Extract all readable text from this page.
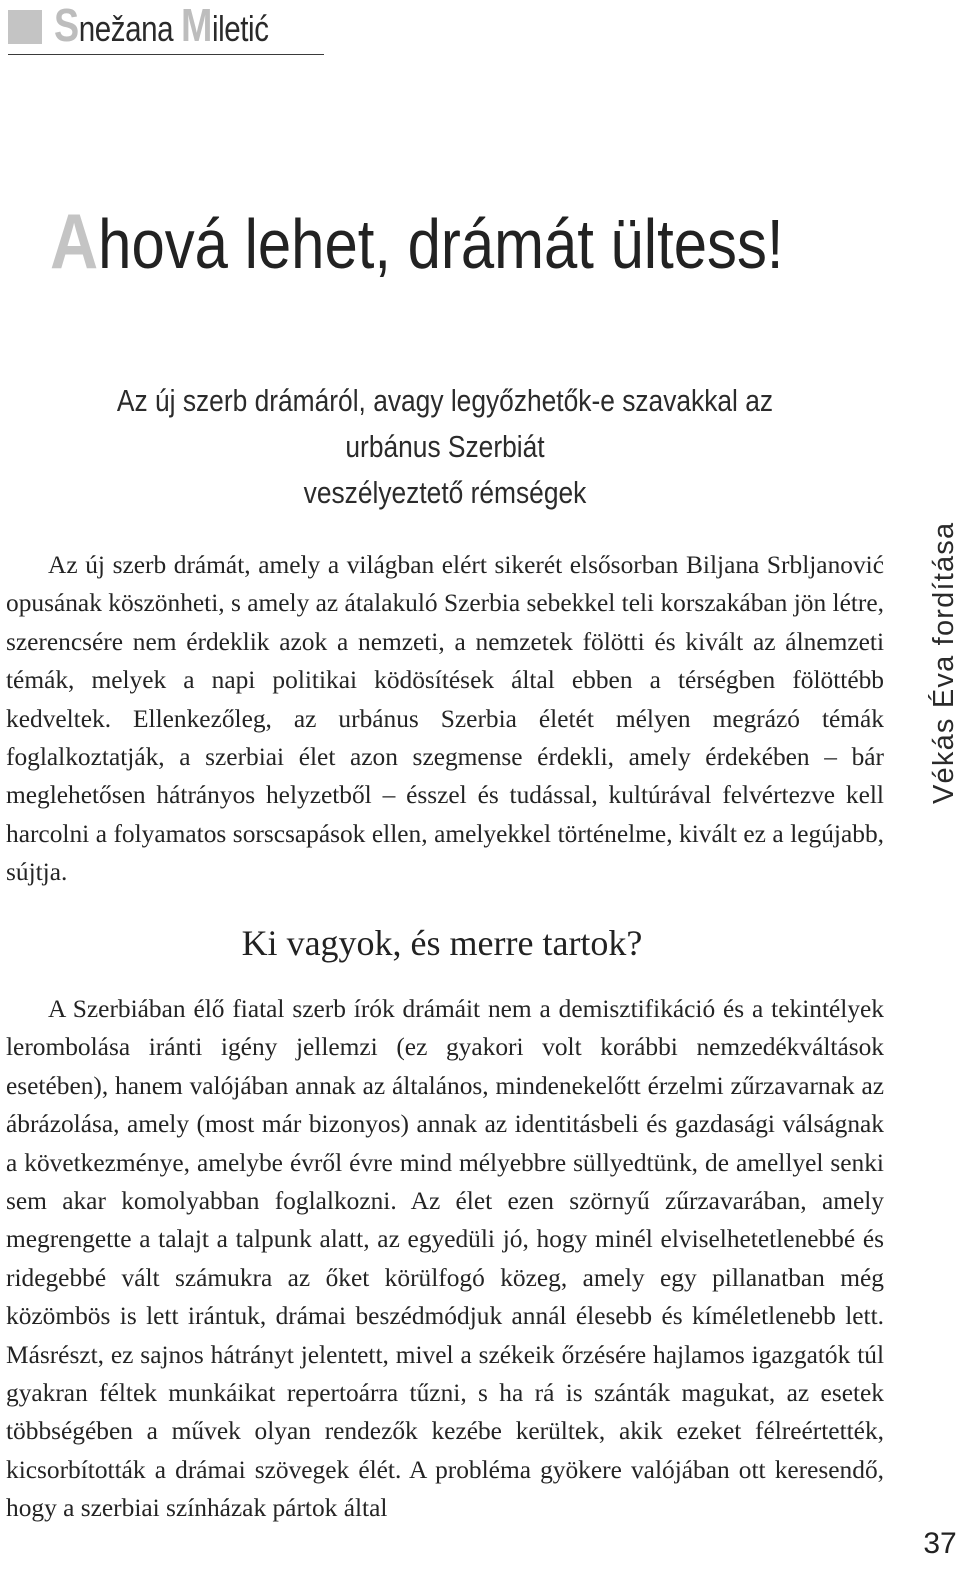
Snežana Miletić
Ahová lehet, drámát ültess!
Az új szerb drámáról, avagy legyőzhetők-e szavakkal az urbánus Szerbiát
veszélyeztető rémségek

Az új szerb drámát, amely a világban elért sikerét elsősorban Biljana Srbljanović opusának köszönheti, s amely az átalakuló Szerbia sebekkel teli korszakában jön létre, szerencsére nem érdeklik azok a nemzeti, a nemzetek fölötti és kivált az álnemzeti témák, melyek a napi politikai ködösítések által ebben a térségben fölöttébb kedveltek. Ellenkezőleg, az urbánus Szerbia életét mélyen megrázó témák foglalkoztatják, a szerbiai élet azon szegmense érdekli, amely érdekében – bár meglehetősen hátrányos helyzetből – ésszel és tudással, kultúrával felvértezve kell harcolni a folyamatos sorscsapások ellen, amelyekkel történelme, kivált ez a legújabb, sújtja.

Ki vagyok, és merre tartok?

A Szerbiában élő fiatal szerb írók drámáit nem a demisztifikáció és a tekintélyek lerombolása iránti igény jellemzi (ez gyakori volt korábbi nemzedékváltások esetében), hanem valójában annak az általános, mindenekelőtt érzelmi zűrzavarnak az ábrázolása, amely (most már bizonyos) annak az identitásbeli és gazdasági válságnak a következménye, amelybe évről évre mind mélyebbre süllyedtünk, de amellyel senki sem akar komolyabban foglalkozni. Az élet ezen szörnyű zűrzavarában, amely megrengette a talajt a talpunk alatt, az egyedüli jó, hogy minél elviselhetetlenebbé és ridegebbé vált számukra az őket körülfogó közeg, amely egy pillanatban még közömbös is lett irántuk, drámai beszédmódjuk annál élesebb és kíméletlenebb lett. Másrészt, ez sajnos hátrányt jelentett, mivel a székeik őrzésére hajlamos igazgatók túl gyakran féltek munkáikat repertoárra tűzni, s ha rá is szánták magukat, az esetek többségében a művek olyan rendezők kezébe kerültek, akik ezeket félreértették, kicsorbították a drámai szövegek élét. A probléma gyökere valójában ott keresendő, hogy a szerbiai színházak pártok által

Vékás Éva fordítása
37
